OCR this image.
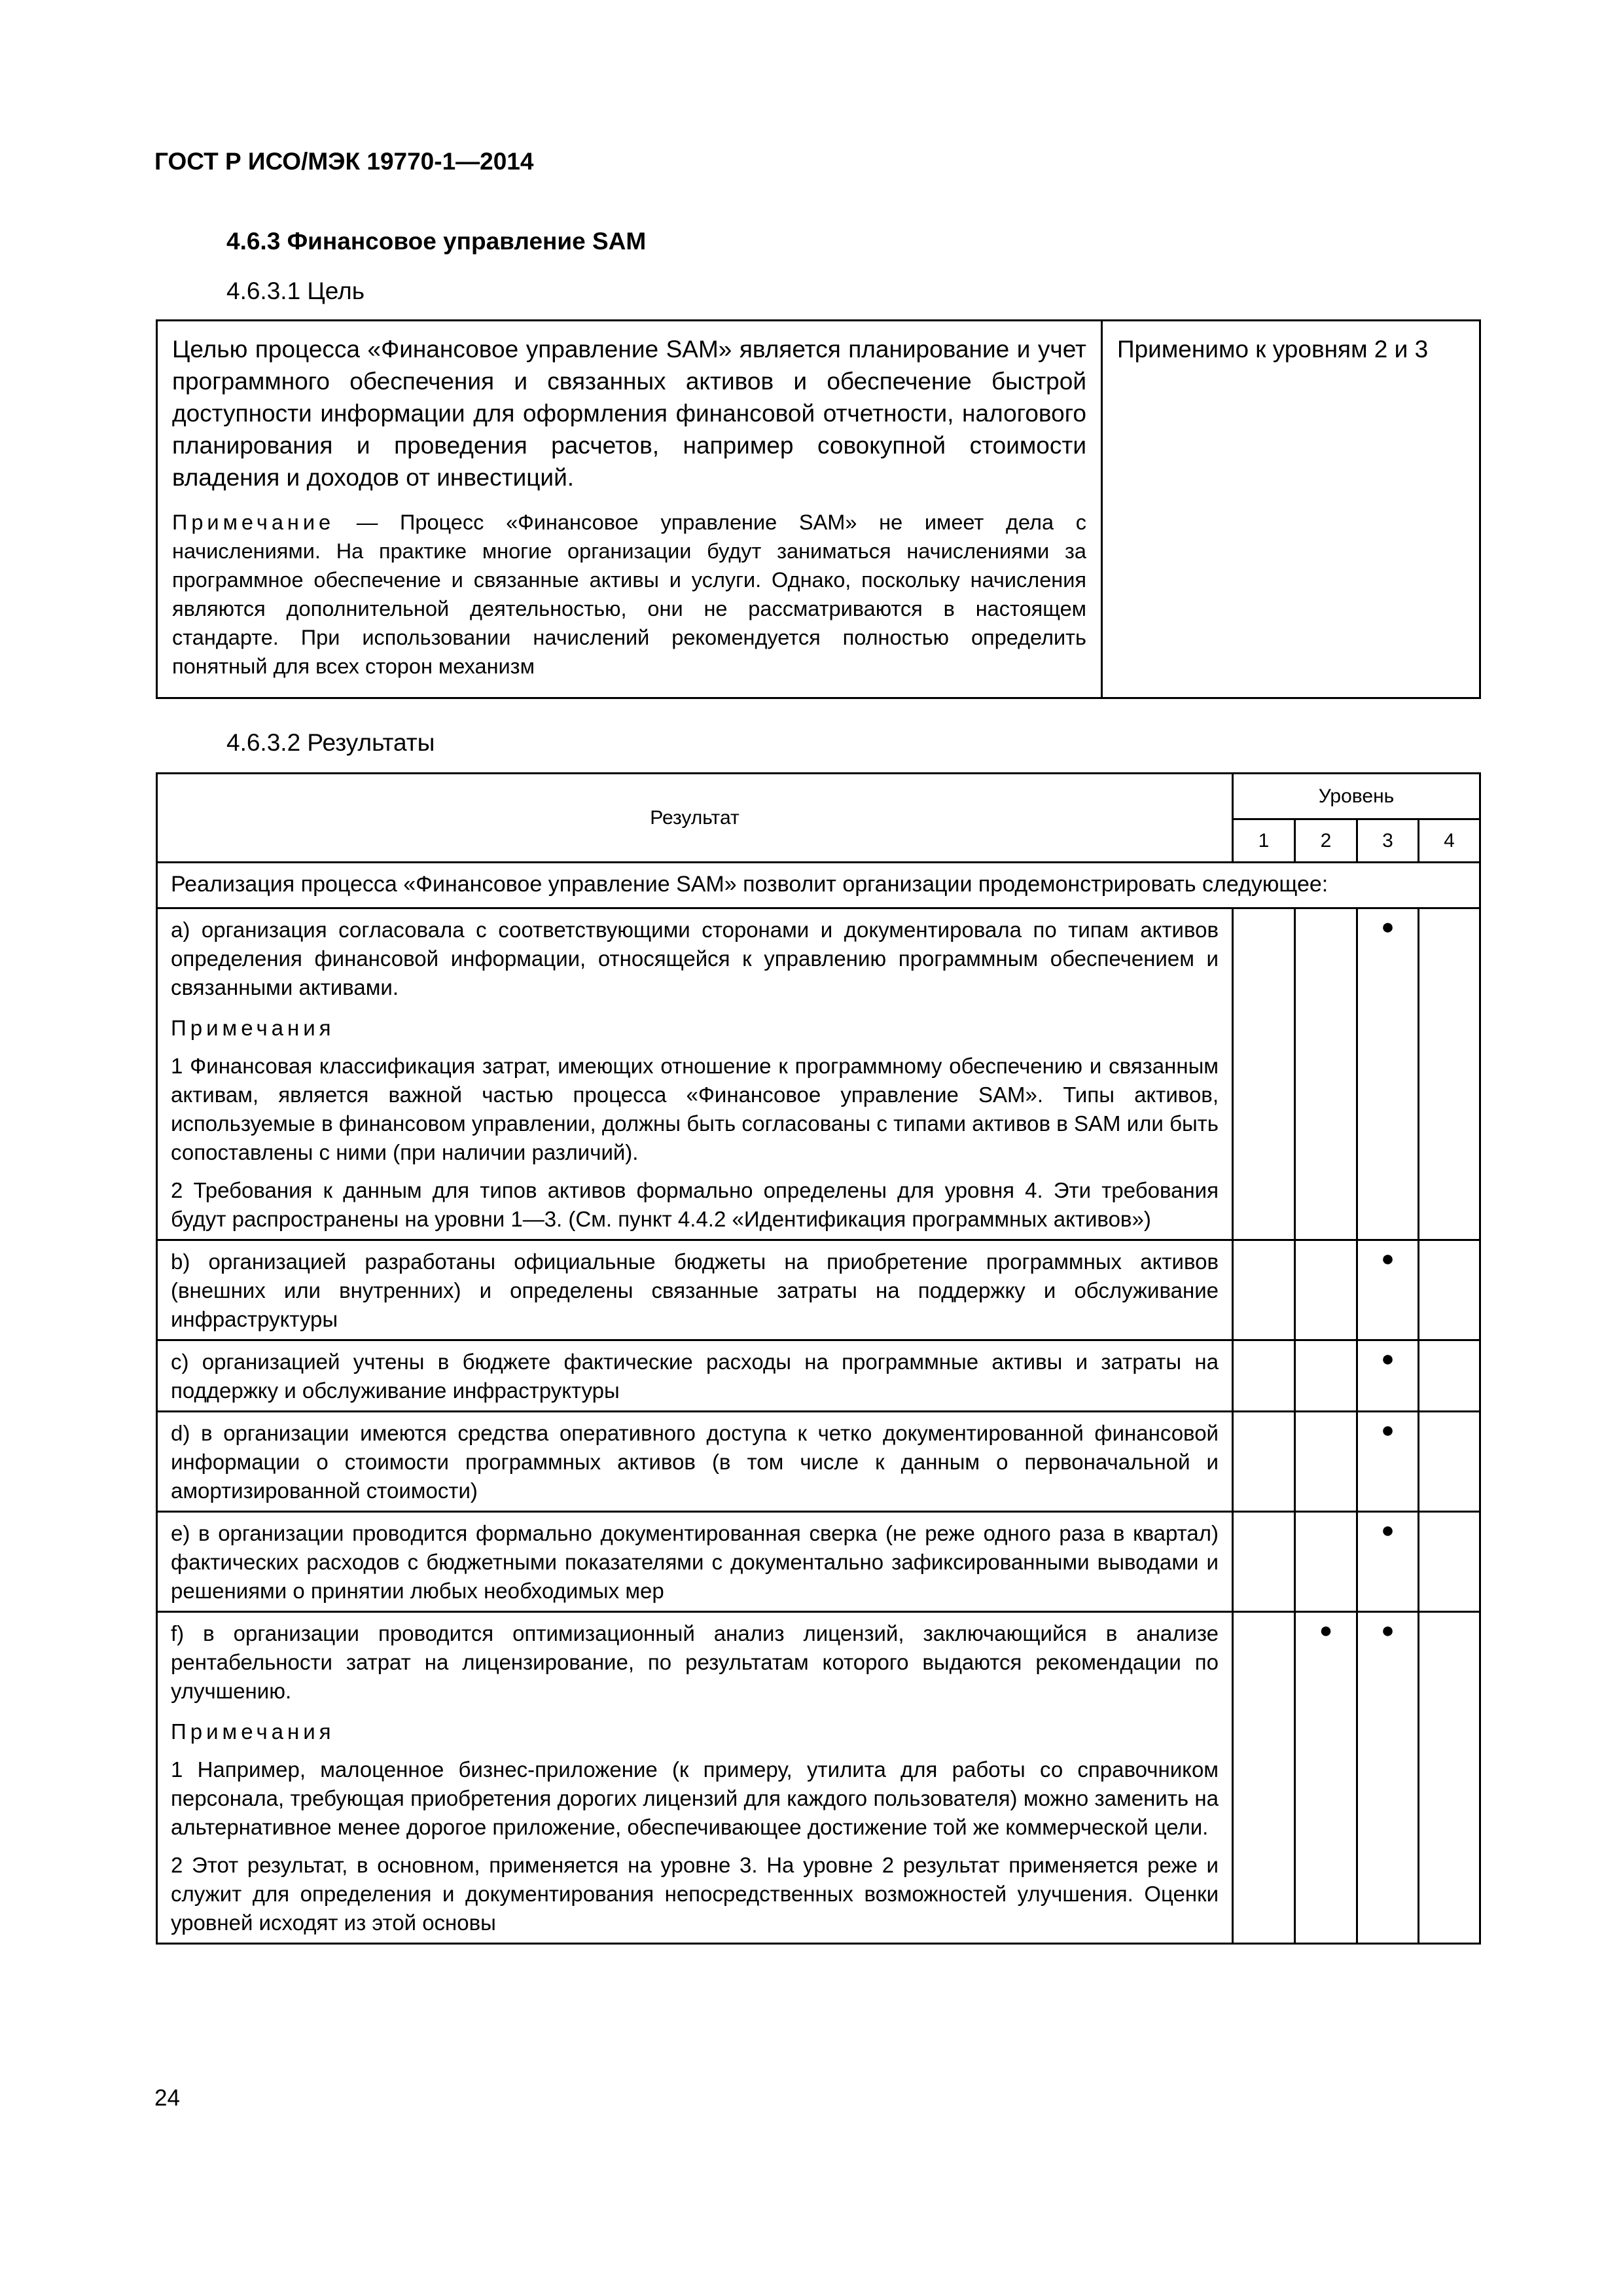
ГОСТ Р ИСО/МЭК 19770-1—2014
4.6.3 Финансовое управление SAM
4.6.3.1 Цель
Целью процесса «Финансовое управление SAM» является планирование и учет программного обеспечения и связанных активов и обеспечение быстрой доступности информации для оформления финансовой отчетности, налогового планирования и проведения расчетов, например совокупной стоимости владения и доходов от инвестиций.
Примечание — Процесс «Финансовое управление SAM» не имеет дела с начислениями. На практике многие организации будут заниматься начислениями за программное обеспечение и связанные активы и услуги. Однако, поскольку начисления являются дополнительной деятельностью, они не рассматриваются в настоящем стандарте. При использовании начислений рекомендуется полностью определить понятный для всех сторон механизм

Применимо к уровням 2 и 3
4.6.3.2 Результаты
Результат	Уровень			
	1	2	3	4
Реализация процесса «Финансовое управление SAM» позволит организации продемонстрировать следующее:				

а) организация согласовала с соответствующими сторонами и документировала по типам активов определения финансовой информации, относящейся к управлению программным обеспечением и связанными активами.

Примечания

1 Финансовая классификация затрат, имеющих отношение к программному обеспечению и связанным активам, является важной частью процесса «Финансовое управление SAM». Типы активов, используемые в финансовом управлении, должны быть согласованы с типами активов в SAM или быть сопоставлены с ними (при наличии различий).

2 Требования к данным для типов активов формально определены для уровня 4. Эти требования будут распространены на уровни 1—3. (См. пункт 4.4.2 «Идентификация программных активов»)			●	

b) организацией разработаны официальные бюджеты на приобретение программных активов (внешних или внутренних) и определены связанные затраты на поддержку и обслуживание инфраструктуры			●	

c) организацией учтены в бюджете фактические расходы на программные активы и затраты на поддержку и обслуживание инфраструктуры			●	

d) в организации имеются средства оперативного доступа к четко документированной финансовой информации о стоимости программных активов (в том числе к данным о первоначальной и амортизированной стоимости)			●	

e) в организации проводится формально документированная сверка (не реже одного раза в квартал) фактических расходов с бюджетными показателями с документально зафиксированными выводами и решениями о принятии любых необходимых мер			●	

f) в организации проводится оптимизационный анализ лицензий, заключающийся в анализе рентабельности затрат на лицензирование, по результатам которого выдаются рекомендации по улучшению.

Примечания

1 Например, малоценное бизнес-приложение (к примеру, утилита для работы со справочником персонала, требующая приобретения дорогих лицензий для каждого пользователя) можно заменить на альтернативное менее дорогое приложение, обеспечивающее достижение той же коммерческой цели.

2 Этот результат, в основном, применяется на уровне 3. На уровне 2 результат применяется реже и служит для определения и документирования непосредственных возможностей улучшения. Оценки уровней исходят из этой основы		●	●	
24
